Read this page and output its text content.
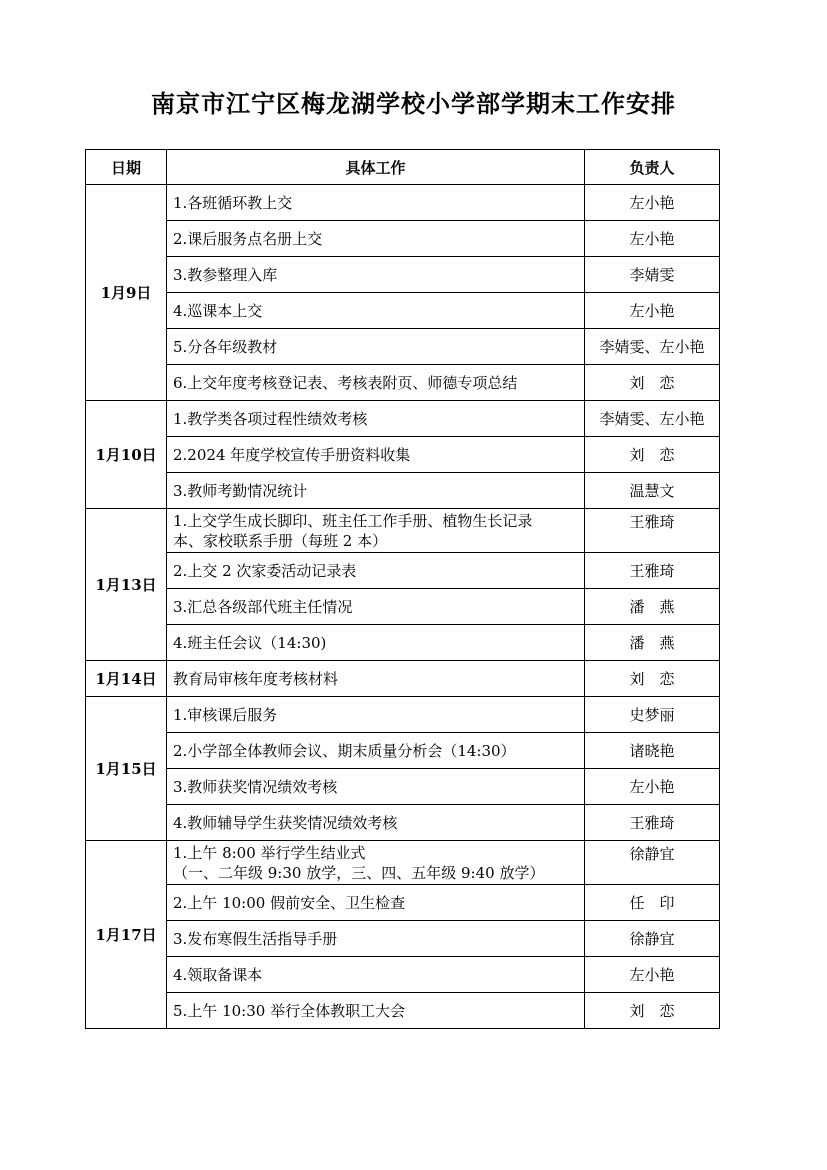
南京市江宁区梅龙湖学校小学部学期末工作安排
日期	具体工作	负责人
1月9日	1.各班循环教上交	左小艳

	2.课后服务点名册上交	左小艳

	3.教参整理入库	李婧雯

	4.巡课本上交	左小艳

	5.分各年级教材	李婧雯、左小艳

	6.上交年度考核登记表、考核表附页、师德专项总结	刘　恋
1月10日	1.教学类各项过程性绩效考核	李婧雯、左小艳

	2.2024 年度学校宣传手册资料收集	刘　恋

	3.教师考勤情况统计	温慧文
1月13日	1.上交学生成长脚印、班主任工作手册、植物生长记录
本、家校联系手册（每班 2 本）	王雅琦

	2.上交 2 次家委活动记录表	王雅琦

	3.汇总各级部代班主任情况	潘　燕

	4.班主任会议（14:30)	潘　燕
1月14日	教育局审核年度考核材料	刘　恋
1月15日	1.审核课后服务	史梦丽

	2.小学部全体教师会议、期末质量分析会（14:30）	诸晓艳

	3.教师获奖情况绩效考核	左小艳

	4.教师辅导学生获奖情况绩效考核	王雅琦
1月17日	1.上午 8:00 举行学生结业式
（一、二年级 9:30 放学，三、四、五年级 9:40 放学）	徐静宜

	2.上午 10:00 假前安全、卫生检查	任　印

	3.发布寒假生活指导手册	徐静宜

	4.领取备课本	左小艳

	5.上午 10:30 举行全体教职工大会	刘　恋
